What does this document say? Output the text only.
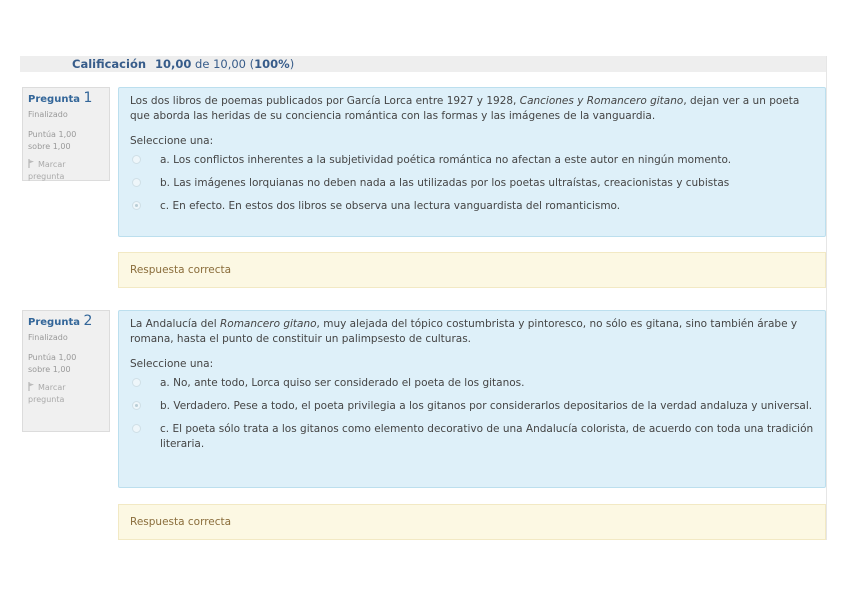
Calificación 10,00 de 10,00 (100%)
Pregunta 1
Finalizado
Puntúa 1,00
sobre 1,00
Marcar
pregunta

Los dos libros de poemas publicados por García Lorca entre 1927 y 1928, Canciones y Romancero gitano, dejan ver a un poeta que aborda las heridas de su conciencia romántica con las formas y las imágenes de la vanguardia.

Seleccione una:

a. Los conflictos inherentes a la subjetividad poética romántica no afectan a este autor en ningún momento.
b. Las imágenes lorquianas no deben nada a las utilizadas por los poetas ultraístas, creacionistas y cubistas
c. En efecto. En estos dos libros se observa una lectura vanguardista del romanticismo.
Respuesta correcta
Pregunta 2
Finalizado
Puntúa 1,00
sobre 1,00
Marcar
pregunta

La Andalucía del Romancero gitano, muy alejada del tópico costumbrista y pintoresco, no sólo es gitana, sino también árabe y romana, hasta el punto de constituir un palimpsesto de culturas.

Seleccione una:

a. No, ante todo, Lorca quiso ser considerado el poeta de los gitanos.
b. Verdadero. Pese a todo, el poeta privilegia a los gitanos por considerarlos depositarios de la verdad andaluza y universal.
c. El poeta sólo trata a los gitanos como elemento decorativo de una Andalucía colorista, de acuerdo con toda una tradición literaria.
Respuesta correcta
